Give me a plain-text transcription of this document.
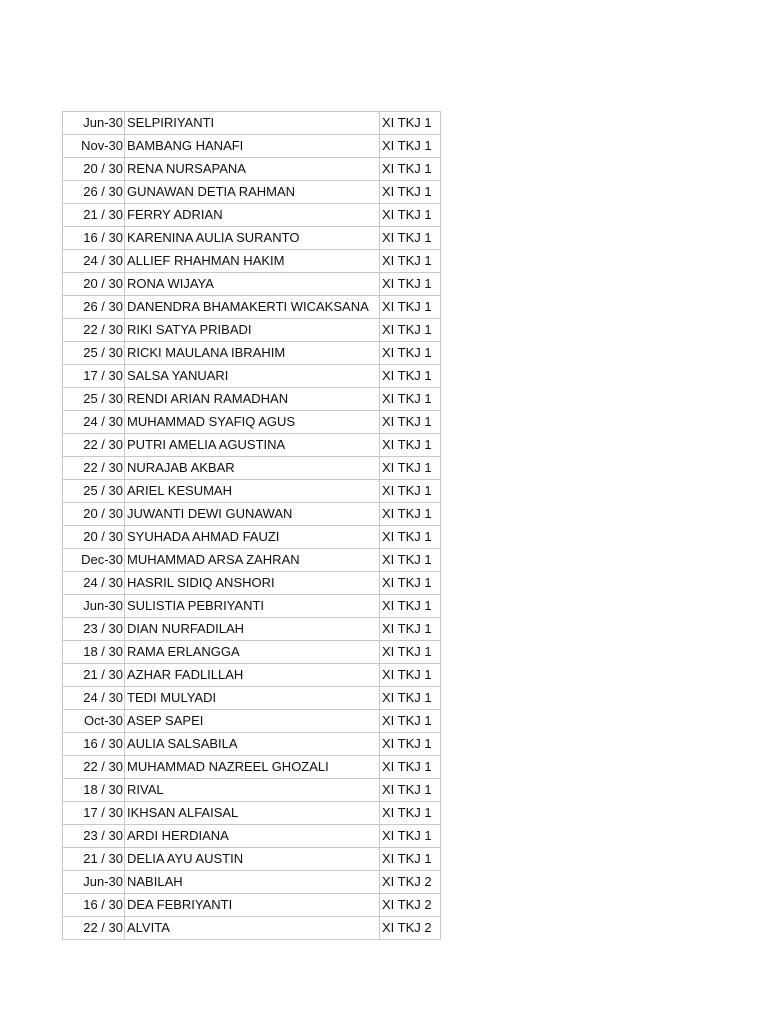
Jun-30	SELPIRIYANTI	XI TKJ 1
Nov-30	BAMBANG HANAFI	XI TKJ 1
20 / 30	RENA NURSAPANA	XI TKJ 1
26 / 30	GUNAWAN DETIA RAHMAN	XI TKJ 1
21 / 30	FERRY ADRIAN	XI TKJ 1
16 / 30	KARENINA AULIA SURANTO	XI TKJ 1
24 / 30	ALLIEF RHAHMAN HAKIM	XI TKJ 1
20 / 30	RONA WIJAYA	XI TKJ 1
26 / 30	DANENDRA BHAMAKERTI WICAKSANA	XI TKJ 1
22 / 30	RIKI SATYA PRIBADI	XI TKJ 1
25 / 30	RICKI MAULANA IBRAHIM	XI TKJ 1
17 / 30	SALSA YANUARI	XI TKJ 1
25 / 30	RENDI ARIAN RAMADHAN	XI TKJ 1
24 / 30	MUHAMMAD SYAFIQ AGUS	XI TKJ 1
22 / 30	PUTRI AMELIA AGUSTINA	XI TKJ 1
22 / 30	NURAJAB AKBAR	XI TKJ 1
25 / 30	ARIEL KESUMAH	XI TKJ 1
20 / 30	JUWANTI DEWI GUNAWAN	XI TKJ 1
20 / 30	SYUHADA AHMAD FAUZI	XI TKJ 1
Dec-30	MUHAMMAD ARSA ZAHRAN	XI TKJ 1
24 / 30	HASRIL SIDIQ ANSHORI	XI TKJ 1
Jun-30	SULISTIA PEBRIYANTI	XI TKJ 1
23 / 30	DIAN NURFADILAH	XI TKJ 1
18 / 30	RAMA ERLANGGA	XI TKJ 1
21 / 30	AZHAR FADLILLAH	XI TKJ 1
24 / 30	TEDI MULYADI	XI TKJ 1
Oct-30	ASEP SAPEI	XI TKJ 1
16 / 30	AULIA SALSABILA	XI TKJ 1
22 / 30	MUHAMMAD NAZREEL GHOZALI	XI TKJ 1
18 / 30	RIVAL	XI TKJ 1
17 / 30	IKHSAN ALFAISAL	XI TKJ 1
23 / 30	ARDI HERDIANA	XI TKJ 1
21 / 30	DELIA AYU AUSTIN	XI TKJ 1
Jun-30	NABILAH	XI TKJ 2
16 / 30	DEA FEBRIYANTI	XI TKJ 2
22 / 30	ALVITA	XI TKJ 2
